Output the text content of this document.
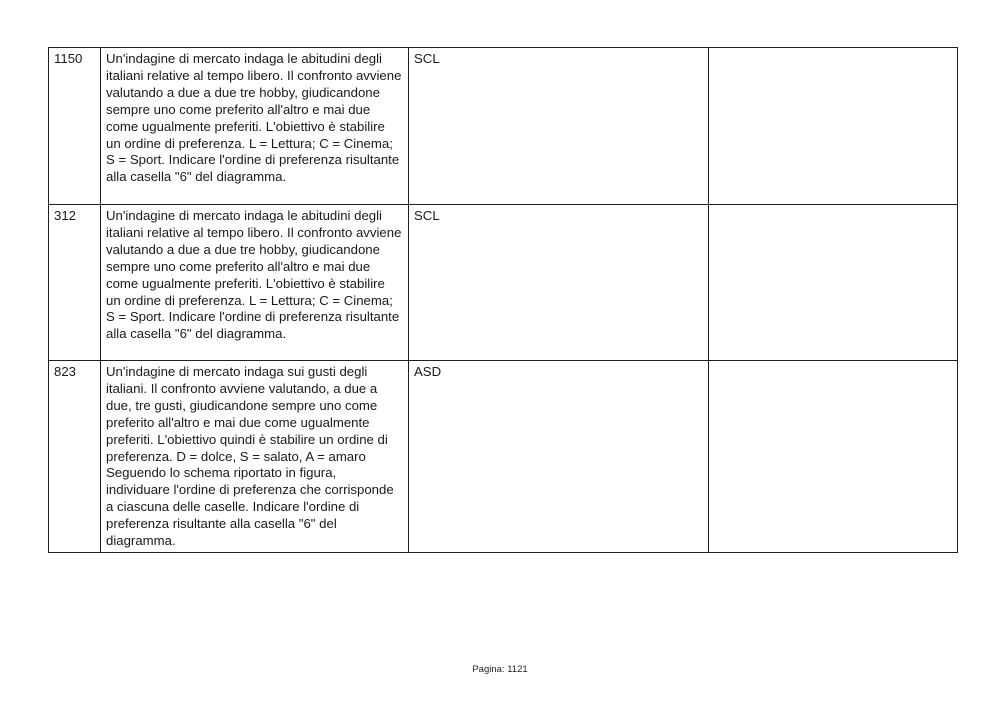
1150	Un'indagine di mercato indaga le abitudini degli italiani relative al tempo libero. Il confronto avviene valutando a due a due tre hobby, giudicandone sempre uno come preferito all'altro e mai due come ugualmente preferiti. L'obiettivo è stabilire un ordine di preferenza. L = Lettura; C = Cinema; S = Sport. Indicare l'ordine di preferenza risultante alla casella "6" del diagramma.	SCL	
312	Un'indagine di mercato indaga le abitudini degli italiani relative al tempo libero. Il confronto avviene valutando a due a due tre hobby, giudicandone sempre uno come preferito all'altro e mai due come ugualmente preferiti. L'obiettivo è stabilire un ordine di preferenza. L = Lettura; C = Cinema; S = Sport. Indicare l'ordine di preferenza risultante alla casella "6" del diagramma.	SCL	
823	Un'indagine di mercato indaga sui gusti degli italiani. Il confronto avviene valutando, a due a due, tre gusti, giudicandone sempre uno come preferito all'altro e mai due come ugualmente preferiti. L'obiettivo quindi è stabilire un ordine di preferenza. D = dolce, S = salato, A = amaro Seguendo lo schema riportato in figura, individuare l'ordine di preferenza che corrisponde a ciascuna delle caselle. Indicare l'ordine di preferenza risultante alla casella "6" del diagramma.	ASD	
Pagina: 1121
